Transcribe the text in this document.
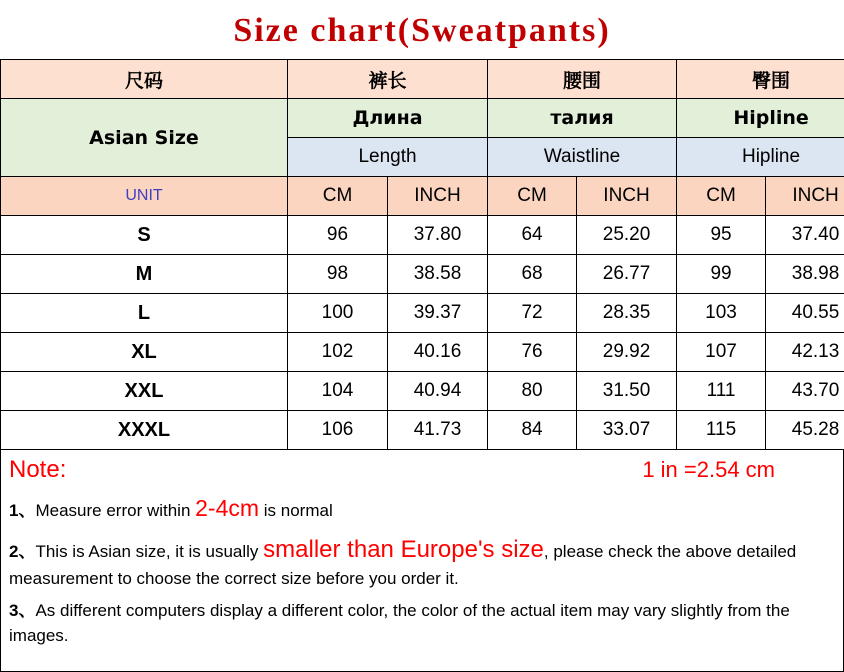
Size chart(Sweatpants)
尺码	裤长		腰围		臀围	
Asian Size	Длина		талия		Hipline	
	Length		Waistline		Hipline	
UNIT	CM	INCH	CM	INCH	CM	INCH
S	96	37.80	64	25.20	95	37.40
M	98	38.58	68	26.77	99	38.98
L	100	39.37	72	28.35	103	40.55
XL	102	40.16	76	29.92	107	42.13
XXL	104	40.94	80	31.50	111	43.70
XXXL	106	41.73	84	33.07	115	45.28
Note:	1 in =2.54 cm
1、Measure error within 2-4cm is normal
2、This is Asian size, it is usually smaller than Europe's size, please check the above detailed measurement to choose the correct size before you order it.
3、As different computers display a different color, the color of the actual item may vary slightly from the images.
